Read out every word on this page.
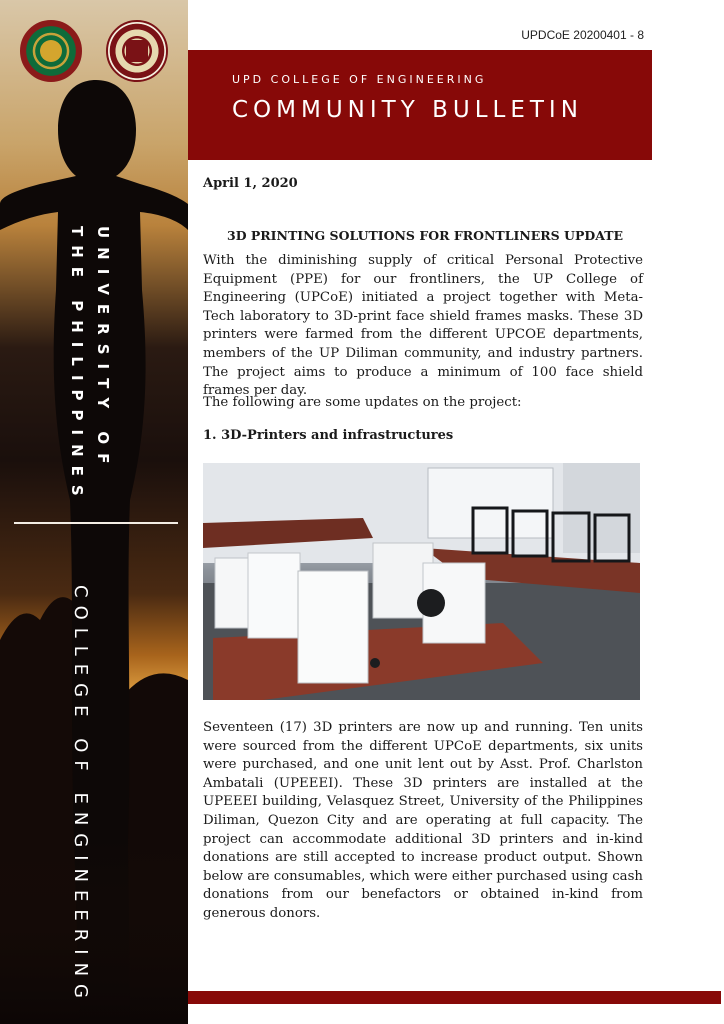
UNIVERSITY OF
THE PHILIPPINES
COLLEGE OF ENGINEERING
UPDCoE 20200401 - 8
UPD COLLEGE OF ENGINEERING
COMMUNITY BULLETIN
April 1, 2020
3D PRINTING SOLUTIONS FOR FRONTLINERS UPDATE
With the diminishing supply of critical Personal Protective Equipment (PPE) for our frontliners, the UP College of Engineering (UPCoE) initiated a project together with Meta-Tech laboratory to 3D-print face shield frames masks. These 3D printers were farmed from the different UPCOE departments, members of the UP Diliman community, and industry partners. The project aims to produce a minimum of 100 face shield frames per day.
The following are some updates on the project:
1. 3D-Printers and infrastructures
Seventeen (17) 3D printers are now up and running. Ten units were sourced from the different UPCoE departments, six units were purchased, and one unit lent out by Asst. Prof. Charlston Ambatali (UPEEEI). These 3D printers are installed at the UPEEEI building, Velasquez Street, University of the Philippines Diliman, Quezon City and are operating at full capacity. The project can accommodate additional 3D printers and in-kind donations are still accepted to increase product output. Shown below are consumables, which were either purchased using cash donations from our benefactors or obtained in-kind from generous donors.
